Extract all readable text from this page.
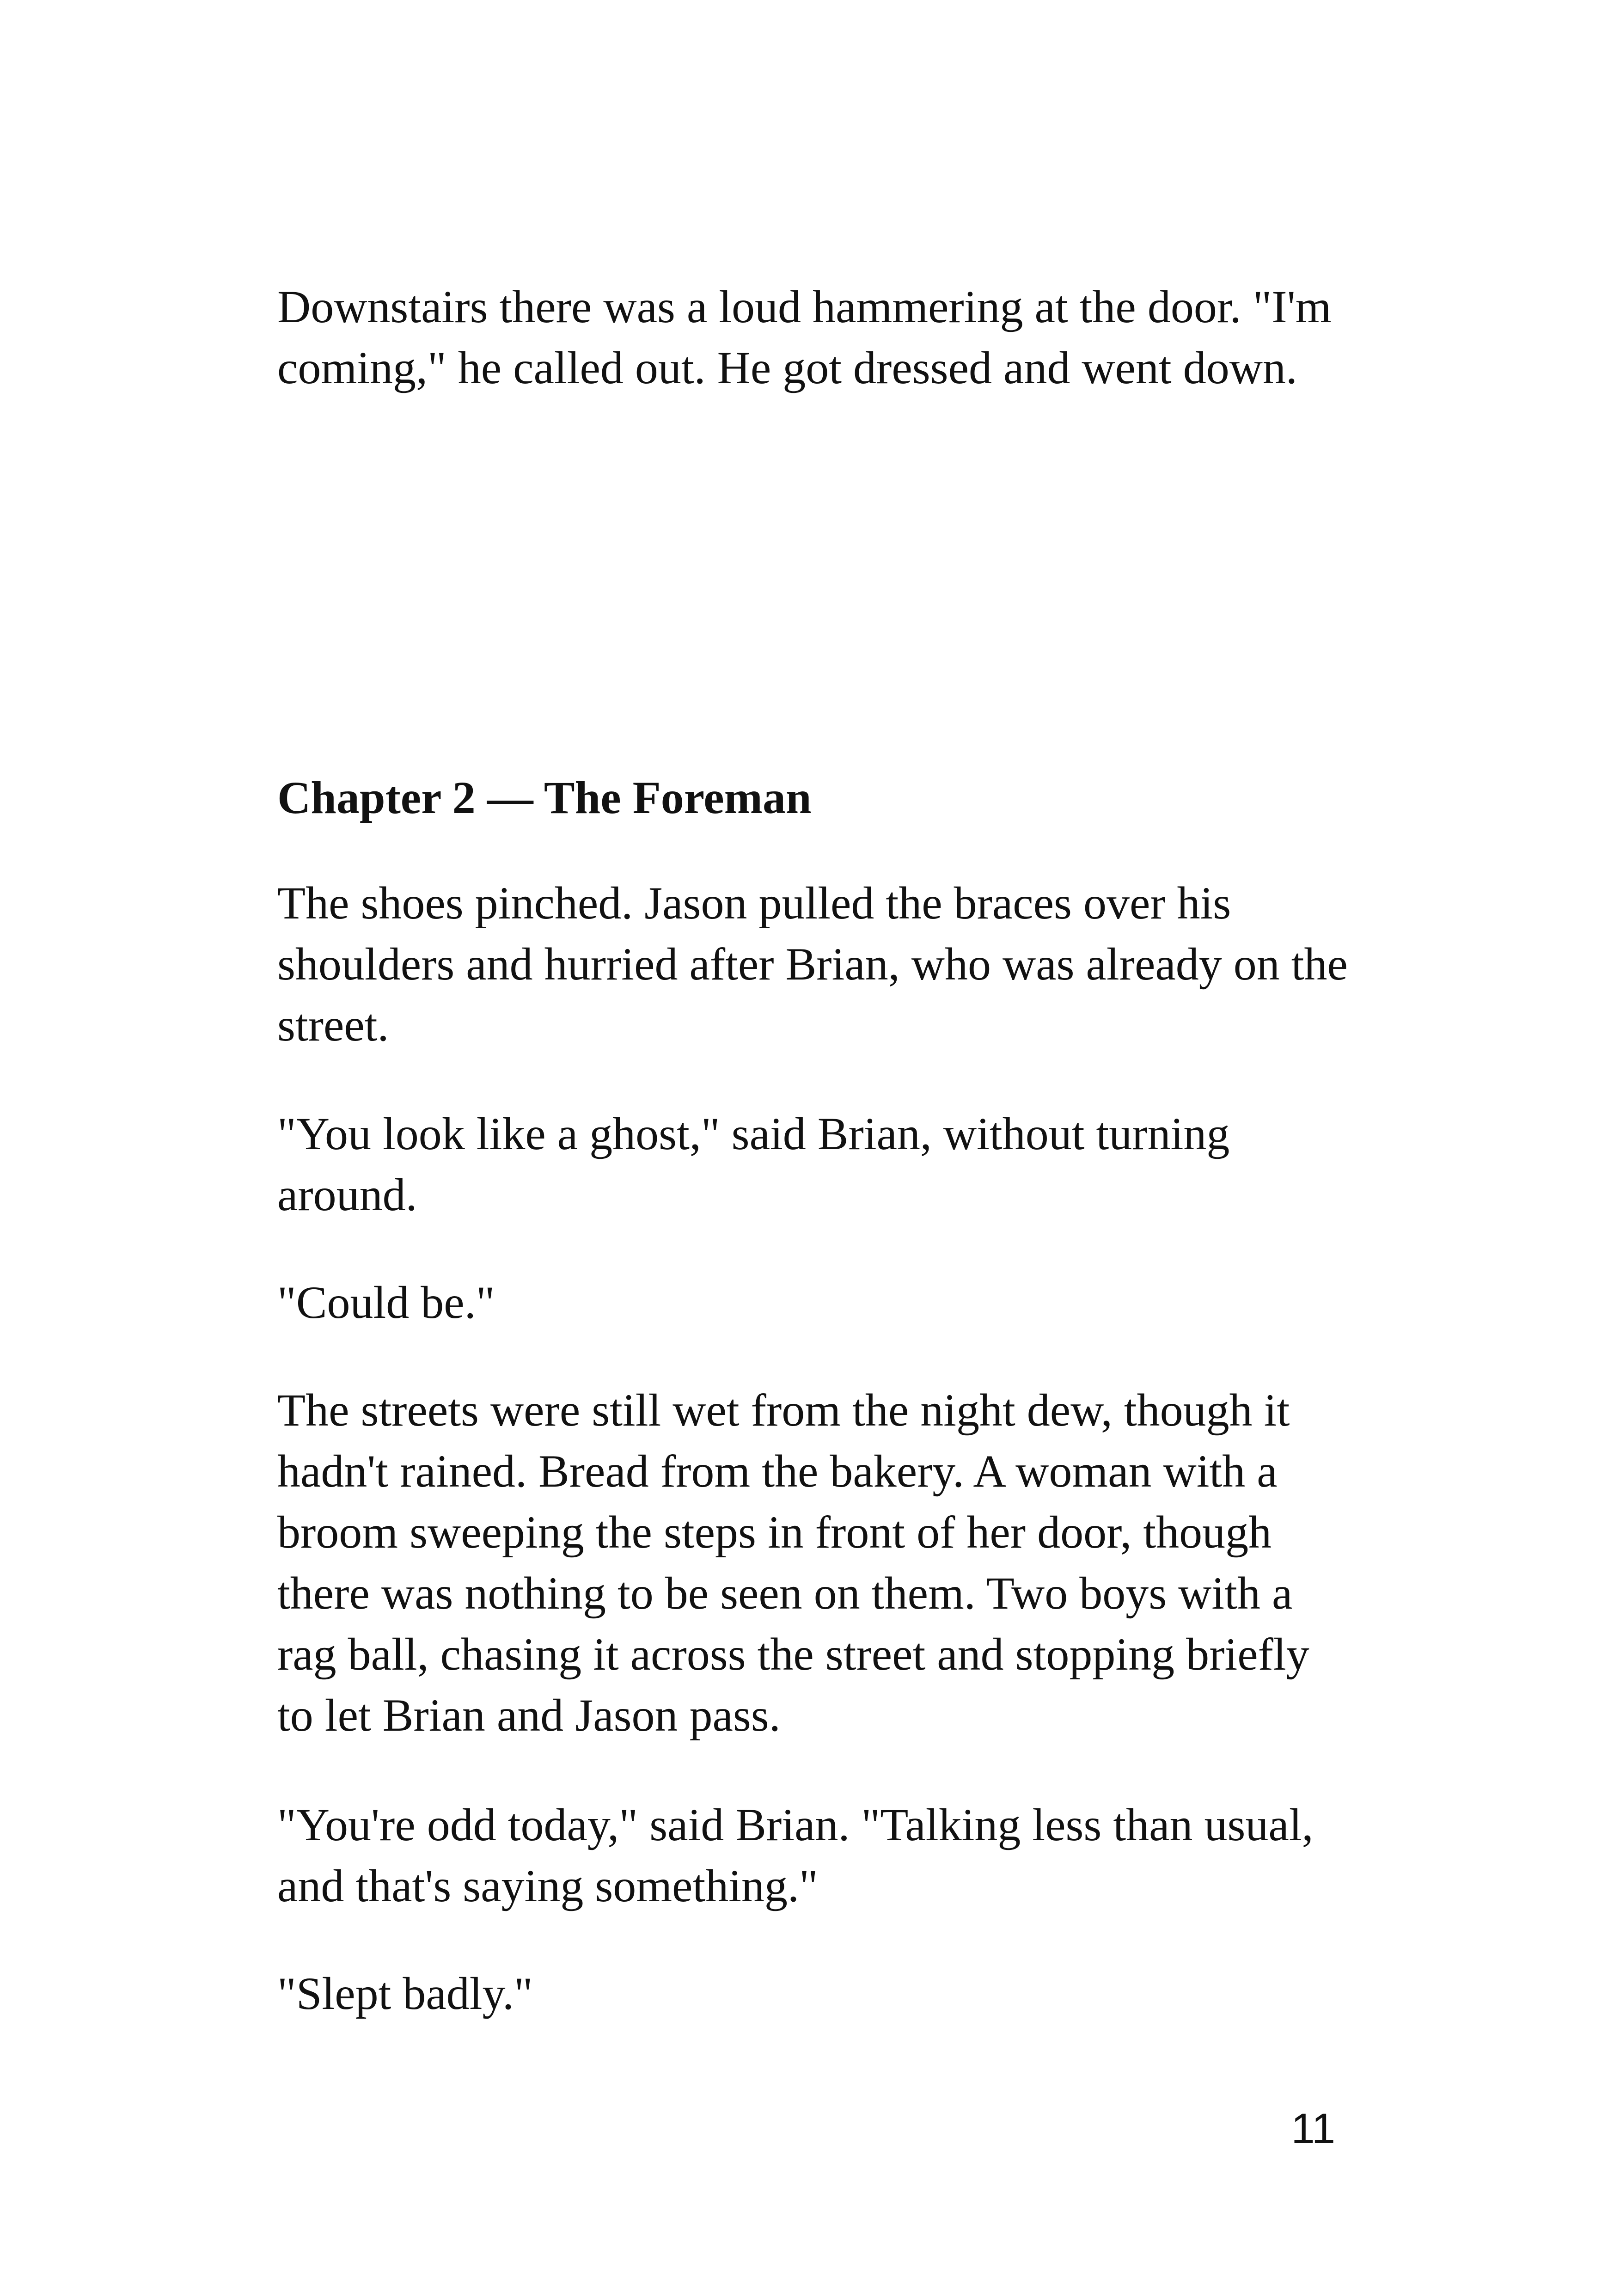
Downstairs there was a loud hammering at the door. "I'm coming," he called out. He got dressed and went down.

Chapter 2 — The Foreman

The shoes pinched. Jason pulled the braces over his shoulders and hurried after Brian, who was already on the street.

"You look like a ghost," said Brian, without turning around.

"Could be."

The streets were still wet from the night dew, though it hadn't rained. Bread from the bakery. A woman with a broom sweeping the steps in front of her door, though there was nothing to be seen on them. Two boys with a rag ball, chasing it across the street and stopping briefly to let Brian and Jason pass.

"You're odd today," said Brian. "Talking less than usual, and that's saying something."

"Slept badly."

11
